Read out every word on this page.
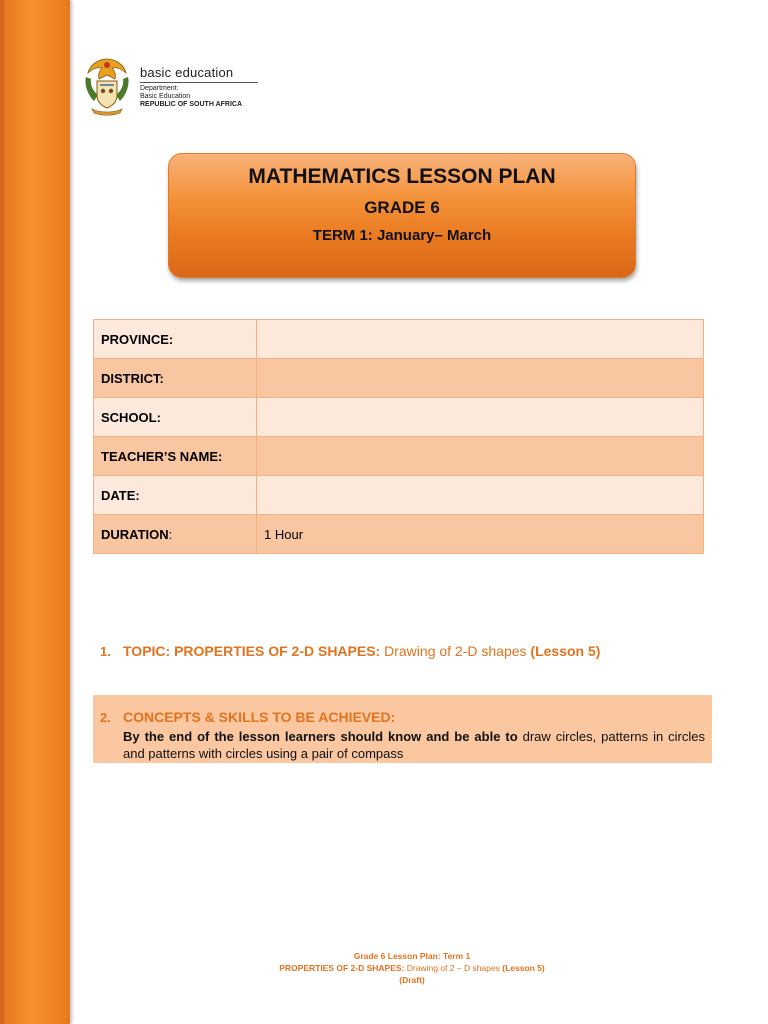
basic education
Department:
Basic Education
REPUBLIC OF SOUTH AFRICA
MATHEMATICS LESSON PLAN
GRADE 6
TERM 1: January– March
PROVINCE:	
DISTRICT:	
SCHOOL:	
TEACHER’S NAME:	
DATE:	
DURATION:	1 Hour
1. TOPIC: PROPERTIES OF 2-D SHAPES: Drawing of 2-D shapes (Lesson 5)
2. CONCEPTS & SKILLS TO BE ACHIEVED:
By the end of the lesson learners should know and be able to draw circles, patterns in circles and patterns with circles using a pair of compass
Grade 6 Lesson Plan: Term 1
PROPERTIES OF 2-D SHAPES: Drawing of 2 – D shapes (Lesson 5)
(Draft)
